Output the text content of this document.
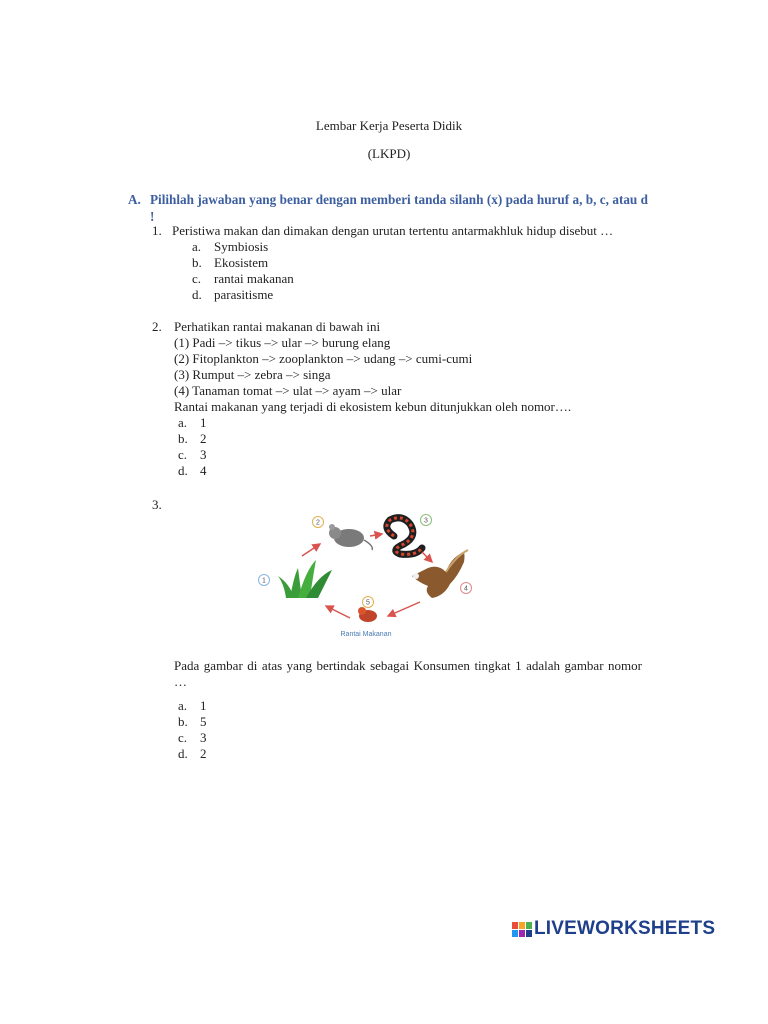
Lembar Kerja Peserta Didik
(LKPD)
A. Pilihlah jawaban yang benar dengan memberi tanda silanh (x) pada huruf a, b, c, atau d !
1. Peristiwa makan dan dimakan dengan urutan tertentu antarmakhluk hidup disebut …
a. Symbiosis
b. Ekosistem
c. rantai makanan
d. parasitisme
2. Perhatikan rantai makanan di bawah ini
(1) Padi –> tikus –> ular –> burung elang
(2) Fitoplankton –> zooplankton –> udang –> cumi-cumi
(3) Rumput –> zebra –> singa
(4) Tanaman tomat –> ulat –> ayam –> ular
Rantai makanan yang terjadi di ekosistem kebun ditunjukkan oleh nomor….
a. 1
b. 2
c. 3
d. 4
3.
1
2	3
4
5
Rantai Makanan
Pada gambar di atas yang bertindak sebagai Konsumen tingkat 1 adalah gambar nomor …
a. 1
b. 5
c. 3
d. 2
LIVEWORKSHEETS
